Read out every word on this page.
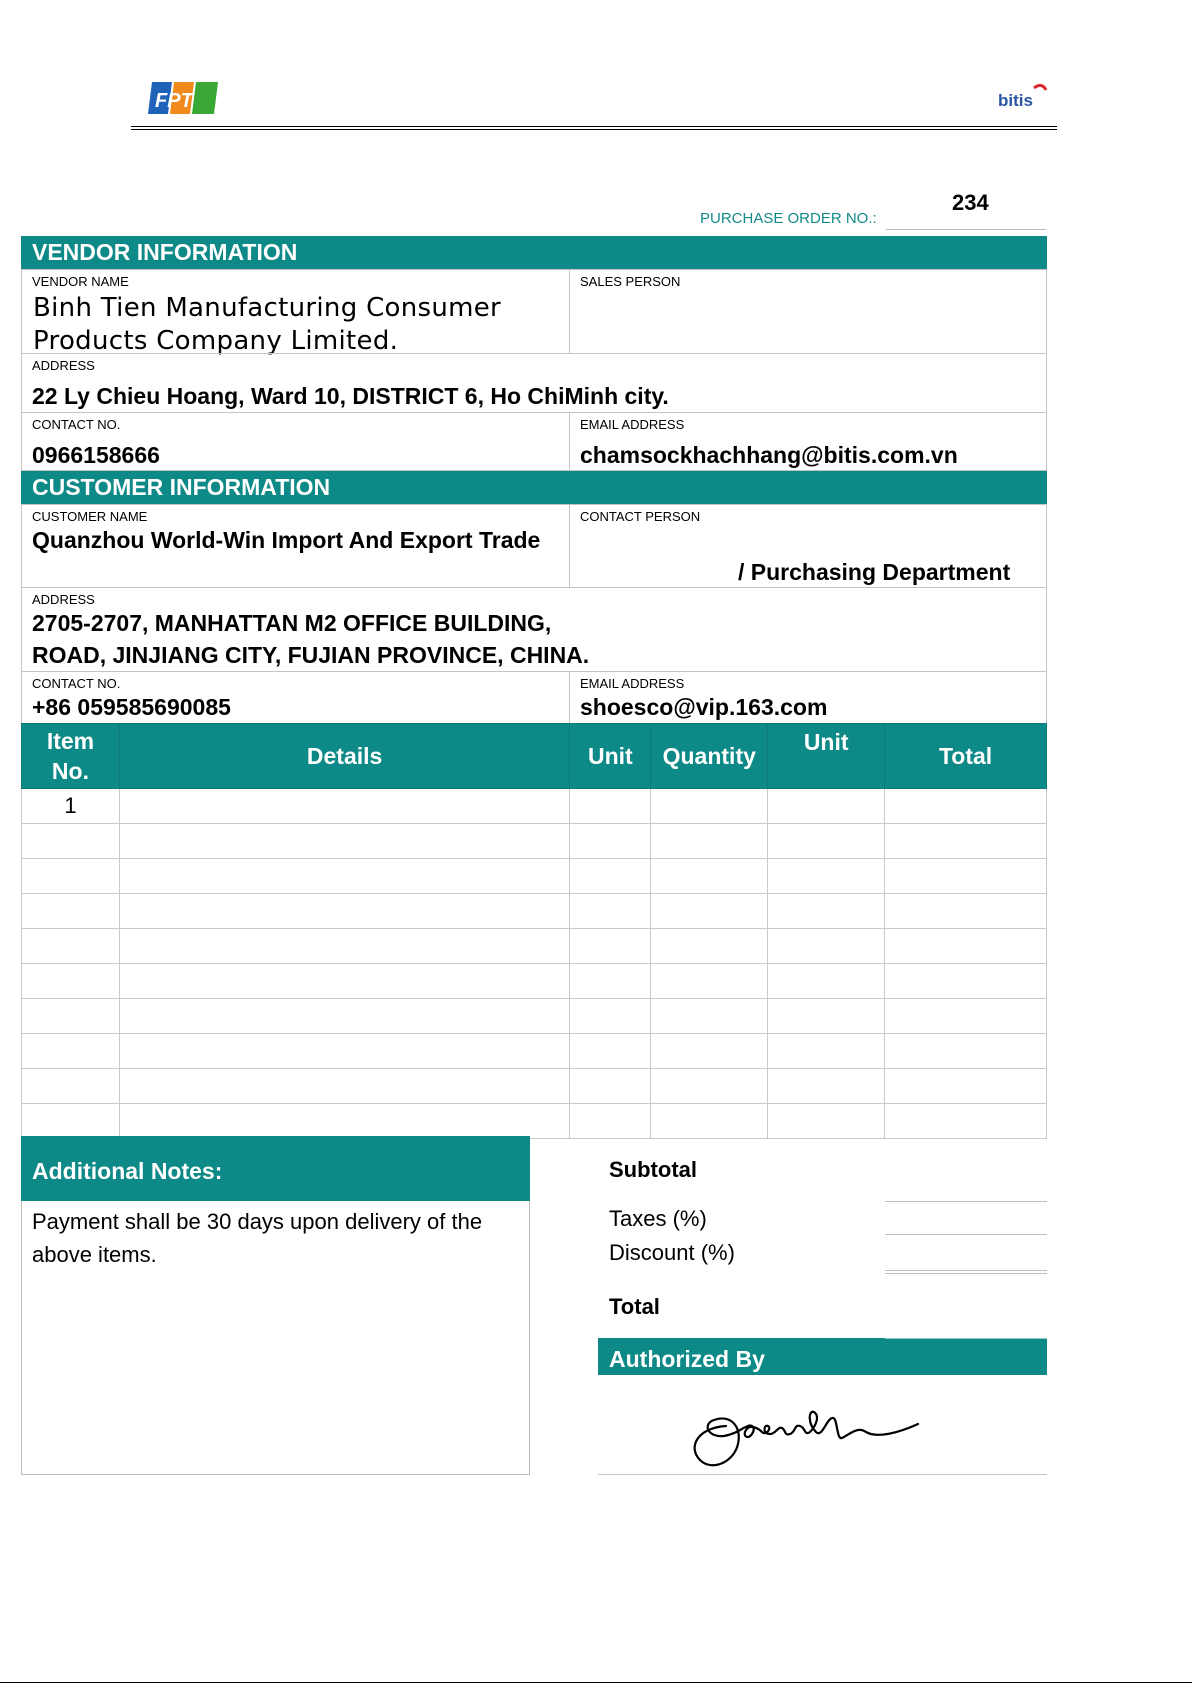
FPT	bitis
PURCHASE ORDER NO.:
234
VENDOR INFORMATION
VENDOR NAME
Binh Tien Manufacturing Consumer
Products Company Limited.
SALES PERSON
ADDRESS
22 Ly Chieu Hoang, Ward 10, DISTRICT 6, Ho ChiMinh city.
CONTACT NO.
0966158666
EMAIL ADDRESS
chamsockhachhang@bitis.com.vn
CUSTOMER INFORMATION
CUSTOMER NAME
Quanzhou World-Win Import And Export Trade
CONTACT PERSON
/ Purchasing Department
ADDRESS
2705-2707, MANHATTAN M2 OFFICE BUILDING,
ROAD, JINJIANG CITY, FUJIAN PROVINCE, CHINA.
CONTACT NO.
+86 059585690085
EMAIL ADDRESS
shoesco@vip.163.com
Item
No.	Details	Unit	Quantity	Unit	Total
1					

Additional Notes:
Payment shall be 30 days upon delivery of the above items.
Subtotal
Taxes (%)
Discount (%)
Total
Authorized By
